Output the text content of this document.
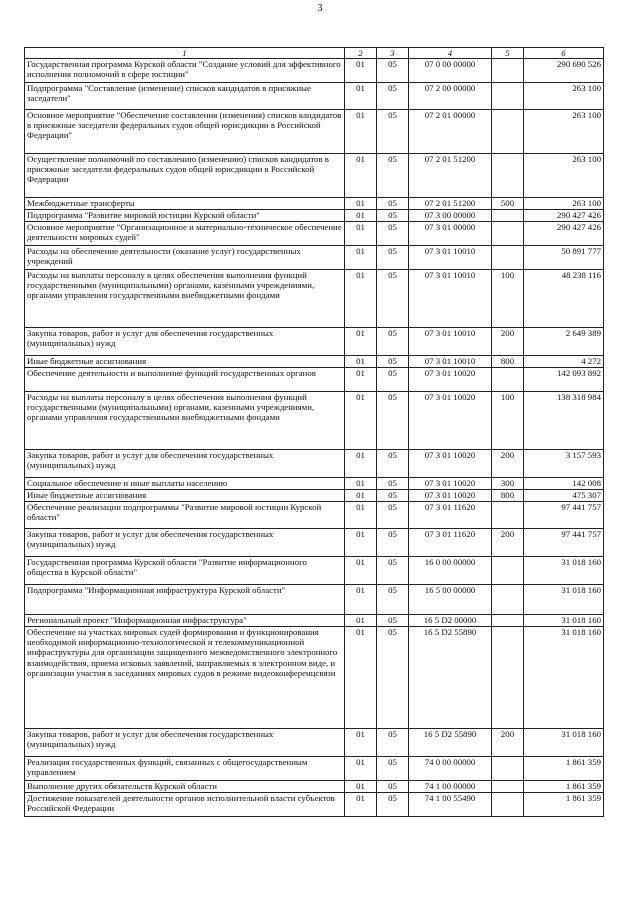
3
1	2	3	4	5	6
Государственная программа Курской области "Создание условий для эффективного исполнения полномочий в сфере юстиции"	01	05	07 0 00 00000		290 690 526
Подпрограмма "Составление (изменение) списков кандидатов в присяжные заседатели"	01	05	07 2 00 00000		263 100
Основное мероприятие "Обеспечение составления (изменения) списков кандидатов в присяжные заседатели федеральных судов общей юрисдикции в Российской Федерации"	01	05	07 2 01 00000		263 100
Осуществление полномочий по составлению (изменению) списков кандидатов в присяжные заседатели федеральных судов общей юрисдикции в Российской Федерации	01	05	07 2 01 51200		263 100
Межбюджетные трансферты	01	05	07 2 01 51200	500	263 100
Подпрограмма "Развитие мировой юстиции Курской области"	01	05	07 3 00 00000		290 427 426
Основное мероприятие "Организационное и материально-техническое обеспечение деятельности мировых судей"	01	05	07 3 01 00000		290 427 426
Расходы на обеспечение деятельности (оказание услуг) государственных учреждений	01	05	07 3 01 10010		50 891 777
Расходы на выплаты персоналу в целях обеспечения выполнения функций государственными (муниципальными) органами, казенными учреждениями, органами управления государственными внебюджетными фондами	01	05	07 3 01 10010	100	48 238 116
Закупка товаров, работ и услуг для обеспечения государственных (муниципальных) нужд	01	05	07 3 01 10010	200	2 649 389
Иные бюджетные ассигнования	01	05	07 3 01 10010	800	4 272
Обеспечение деятельности и выполнение функций государственных органов	01	05	07 3 01 10020		142 093 892
Расходы на выплаты персоналу в целях обеспечения выполнения функций государственными (муниципальными) органами, казенными учреждениями, органами управления государственными внебюджетными фондами	01	05	07 3 01 10020	100	138 318 984
Закупка товаров, работ и услуг для обеспечения государственных (муниципальных) нужд	01	05	07 3 01 10020	200	3 157 593
Социальное обеспечение и иные выплаты населению	01	05	07 3 01 10020	300	142 008
Иные бюджетные ассигнования	01	05	07 3 01 10020	800	475 307
Обеспечение реализации подпрограммы "Развитие мировой юстиции Курской области"	01	05	07 3 01 11620		97 441 757
Закупка товаров, работ и услуг для обеспечения государственных (муниципальных) нужд	01	05	07 3 01 11620	200	97 441 757
Государственная программа Курской области "Развитие информационного общества в Курской области"	01	05	16 0 00 00000		31 018 160
Подпрограмма "Информационная инфраструктура Курской области"	01	05	16 5 00 00000		31 018 160
Региональный проект "Информационная инфраструктура"	01	05	16 5 D2 00000		31 018 160
Обеспечение на участках мировых судей формирования и функционирования необходимой информационно-технологической и телекоммуникационной инфраструктуры для организации защищенного межведомственного электронного взаимодействия, приема исковых заявлений, направляемых в электронном виде, и организации участия в заседаниях мировых судов в режиме видеоконференцсвязи	01	05	16 5 D2 55890		31 018 160
Закупка товаров, работ и услуг для обеспечения государственных (муниципальных) нужд	01	05	16 5 D2 55890	200	31 018 160
Реализация государственных функций, связанных с общегосударственным управлением	01	05	74 0 00 00000		1 861 359
Выполнение других обязательств Курской области	01	05	74 1 00 00000		1 861 359
Достижение показателей деятельности органов исполнительной власти субъектов Российской Федерации	01	05	74 1 00 55490		1 861 359
